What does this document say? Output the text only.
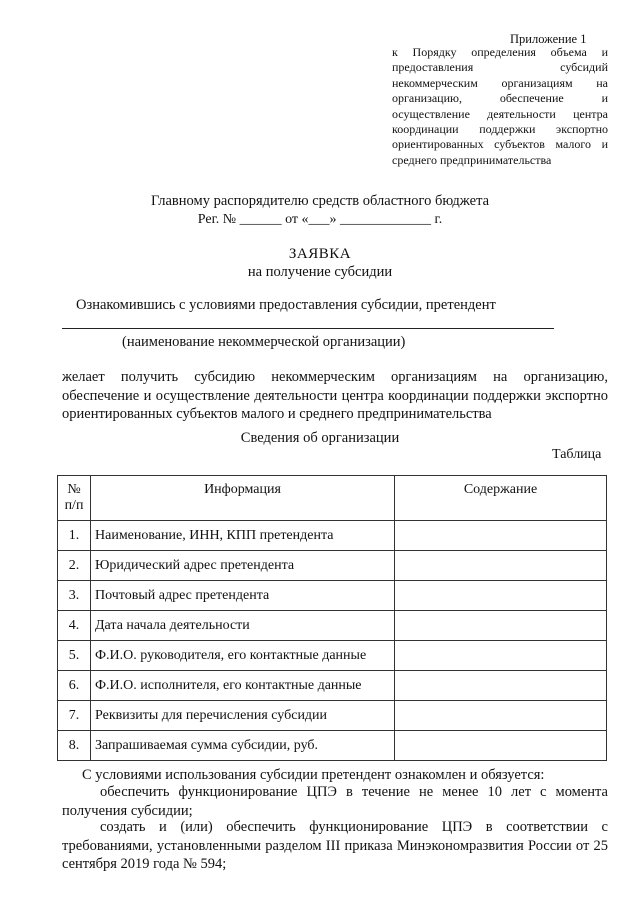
Приложение 1
к Порядку определения объема и предоставления субсидий некоммерческим организациям на организацию, обеспечение и осуществление деятельности центра координации поддержки экспортно ориентированных субъектов малого и среднего предпринимательства
Главному распорядителю средств областного бюджета
Рег. № ______ от «___» _____________ г.
ЗАЯВКА
на получение субсидии
Ознакомившись с условиями предоставления субсидии, претендент
(наименование некоммерческой организации)
желает получить субсидию некоммерческим организациям на организацию, обеспечение и осуществление деятельности центра координации поддержки экспортно ориентированных субъектов малого и среднего предпринимательства
Сведения об организации
Таблица
№ п/п	Информация	Содержание
1.	Наименование, ИНН, КПП претендента	
2.	Юридический адрес претендента	
3.	Почтовый адрес претендента	
4.	Дата начала деятельности	
5.	Ф.И.О. руководителя, его контактные данные	
6.	Ф.И.О. исполнителя, его контактные данные	
7.	Реквизиты для перечисления субсидии	
8.	Запрашиваемая сумма субсидии, руб.	
С условиями использования субсидии претендент ознакомлен и обязуется:
обеспечить функционирование ЦПЭ в течение не менее 10 лет с момента получения субсидии;
создать и (или) обеспечить функционирование ЦПЭ в соответствии с требованиями, установленными разделом III приказа Минэкономразвития России от 25 сентября 2019 года № 594;
